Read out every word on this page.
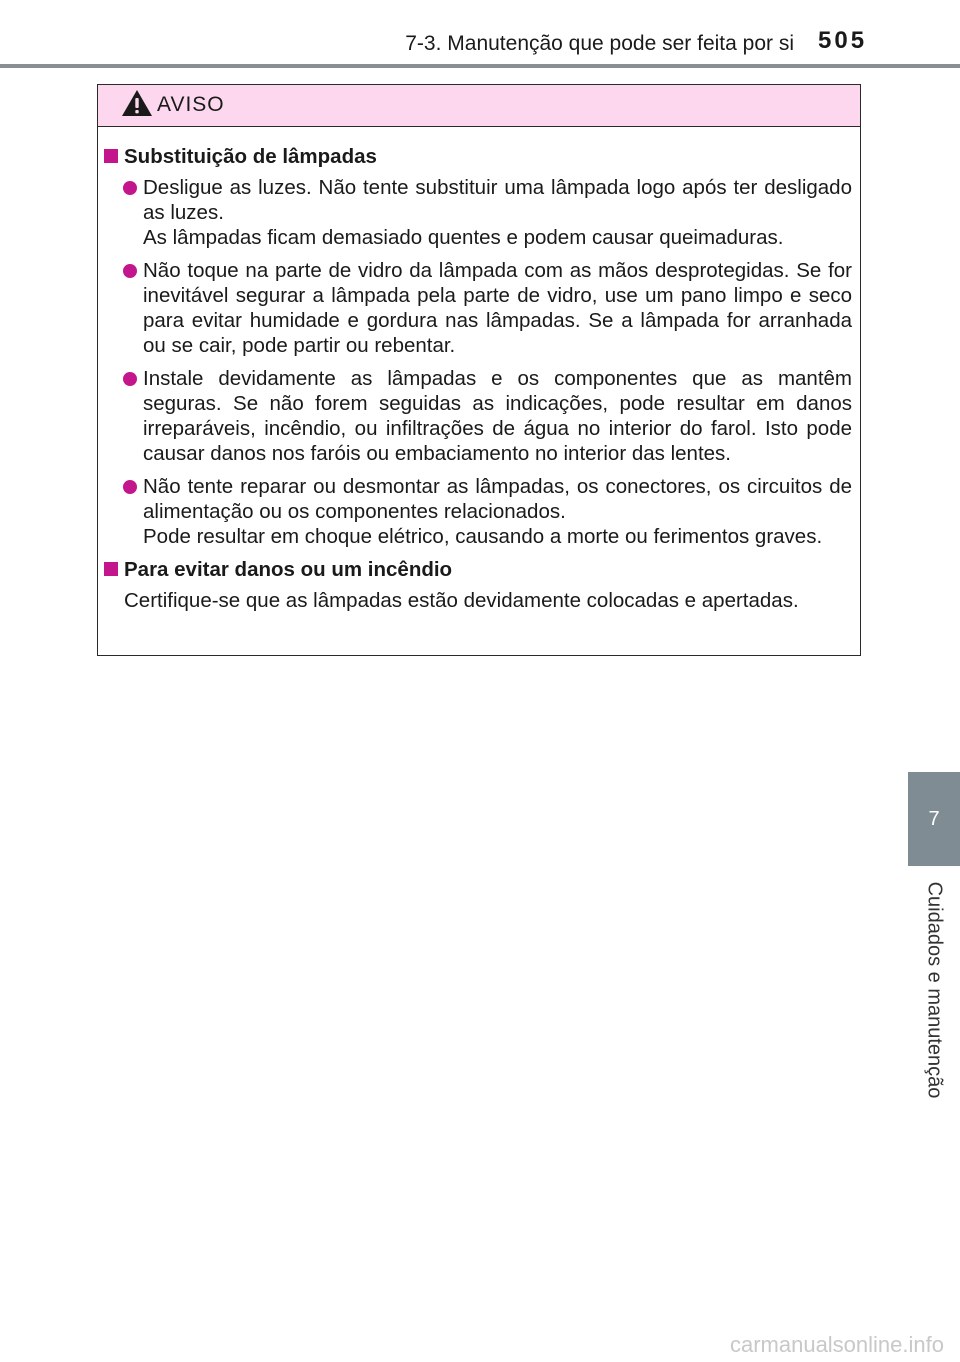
7-3. Manutenção que pode ser feita por si 505
AVISO
Substituição de lâmpadas
Desligue as luzes. Não tente substituir uma lâmpada logo após ter desligado as luzes.
As lâmpadas ficam demasiado quentes e podem causar queimaduras.
Não toque na parte de vidro da lâmpada com as mãos desprotegidas. Se for inevitável segurar a lâmpada pela parte de vidro, use um pano limpo e seco para evitar humidade e gordura nas lâmpadas. Se a lâmpada for arranhada ou se cair, pode partir ou rebentar.
Instale devidamente as lâmpadas e os componentes que as mantêm seguras. Se não forem seguidas as indicações, pode resultar em danos irreparáveis, incêndio, ou infiltrações de água no interior do farol. Isto pode causar danos nos faróis ou embaciamento no interior das lentes.
Não tente reparar ou desmontar as lâmpadas, os conectores, os circuitos de alimentação ou os componentes relacionados.
Pode resultar em choque elétrico, causando a morte ou ferimentos graves.
Para evitar danos ou um incêndio
Certifique-se que as lâmpadas estão devidamente colocadas e apertadas.
7
Cuidados e manutenção
carmanualsonline.info
